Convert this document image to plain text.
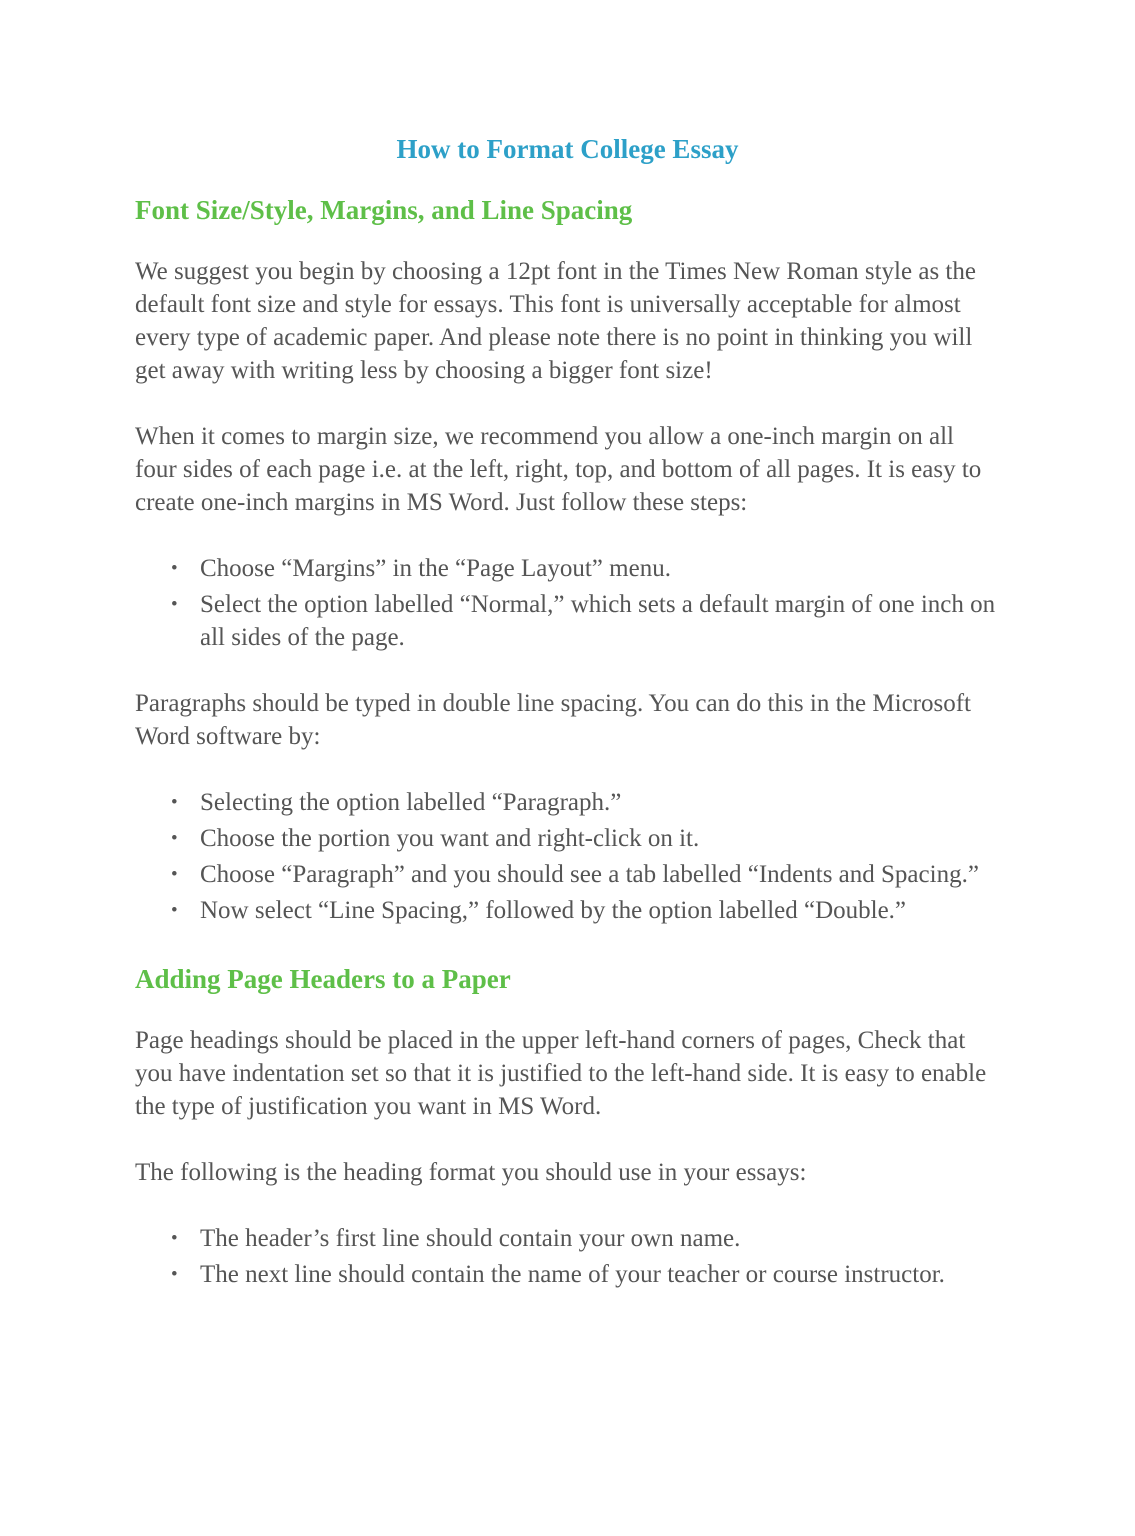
How to Format College Essay
Font Size/Style, Margins, and Line Spacing

We suggest you begin by choosing a 12pt font in the Times New Roman style as the default font size and style for essays. This font is universally acceptable for almost every type of academic paper. And please note there is no point in thinking you will get away with writing less by choosing a bigger font size!

When it comes to margin size, we recommend you allow a one-inch margin on all four sides of each page i.e. at the left, right, top, and bottom of all pages. It is easy to create one-inch margins in MS Word. Just follow these steps:

• Choose “Margins” in the “Page Layout” menu.
• Select the option labelled “Normal,” which sets a default margin of one inch on all sides of the page.

Paragraphs should be typed in double line spacing. You can do this in the Microsoft Word software by:

• Selecting the option labelled “Paragraph.”
• Choose the portion you want and right-click on it.
• Choose “Paragraph” and you should see a tab labelled “Indents and Spacing.”
• Now select “Line Spacing,” followed by the option labelled “Double.”
Adding Page Headers to a Paper

Page headings should be placed in the upper left-hand corners of pages, Check that you have indentation set so that it is justified to the left-hand side. It is easy to enable the type of justification you want in MS Word.

The following is the heading format you should use in your essays:

• The header’s first line should contain your own name.
• The next line should contain the name of your teacher or course instructor.
